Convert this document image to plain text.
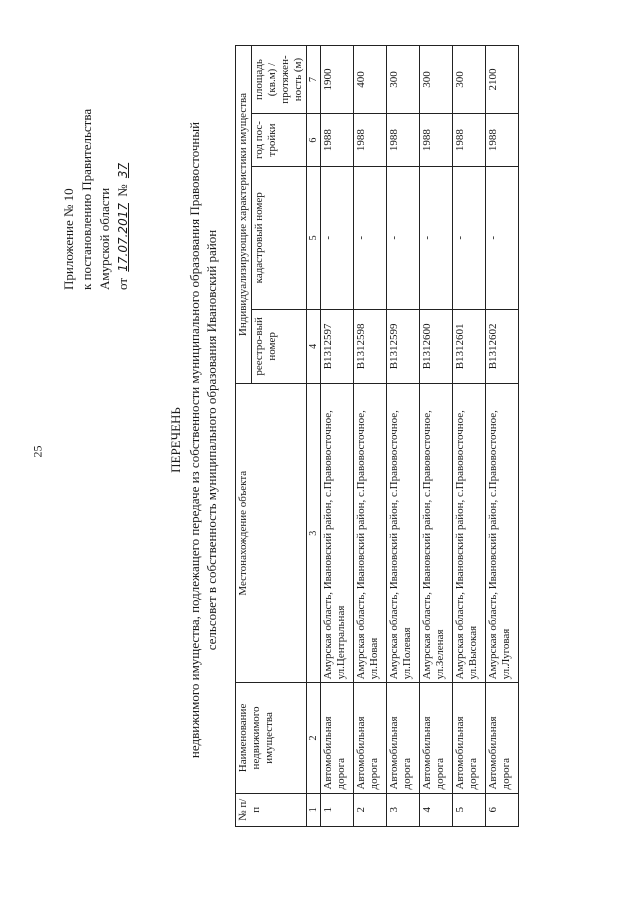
25
Приложение № 10 к постановлению Правительства Амурской области от 17.07.2017 № 37
ПЕРЕЧЕНЬ недвижимого имущества, подлежащего передаче из собственности муниципального образования Правовосточный сельсовет в собственность муниципального образования Ивановский район
№ п/п	Наименование недвижимого имущества	Местонахождение объекта	Индивидуализирующие характеристики имущества			
			реестро-вый номер	кадастровый номер	год пос-тройки	площадь (кв.м) / протяжен-ность (м)
1	2	3	4	5	6	7
1	Автомобильная дорога	Амурская область, Ивановский район, с.Правовосточное, ул.Центральная	В1312597	-	1988	1900
2	Автомобильная дорога	Амурская область, Ивановский район, с.Правовосточное, ул.Новая	В1312598	-	1988	400
3	Автомобильная дорога	Амурская область, Ивановский район, с.Правовосточное, ул.Полевая	В1312599	-	1988	300
4	Автомобильная дорога	Амурская область, Ивановский район, с.Правовосточное, ул.Зеленая	В1312600	-	1988	300
5	Автомобильная дорога	Амурская область, Ивановский район, с.Правовосточное, ул.Высокая	В1312601	-	1988	300
6	Автомобильная дорога	Амурская область, Ивановский район, с.Правовосточное, ул.Луговая	В1312602	-	1988	2100
